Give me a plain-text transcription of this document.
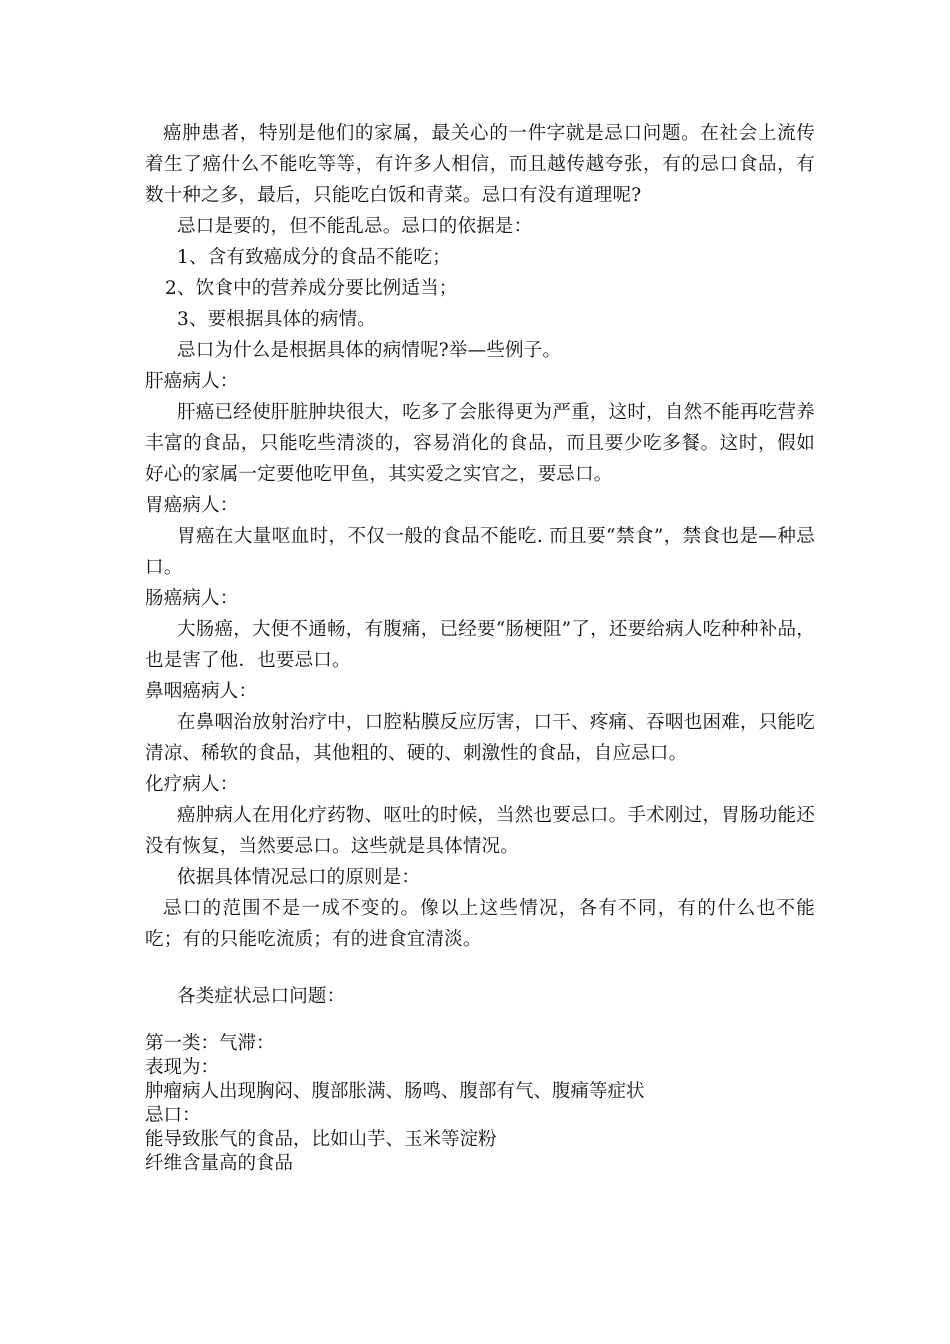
癌肿患者，特别是他们的家属，最关心的一件字就是忌口问题。在社会上流传着生了癌什么不能吃等等，有许多人相信，而且越传越夸张，有的忌口食品，有数十种之多，最后，只能吃白饭和青菜。忌口有没有道理呢?

忌口是要的，但不能乱忌。忌口的依据是：

1、含有致癌成分的食品不能吃；

2、饮食中的营养成分要比例适当；

3、要根据具体的病情。

忌口为什么是根据具体的病情呢?举—些例子。

肝癌病人：

肝癌已经使肝脏肿块很大，吃多了会胀得更为严重，这时，自然不能再吃营养丰富的食品，只能吃些清淡的，容易消化的食品，而且要少吃多餐。这时，假如好心的家属一定要他吃甲鱼，其实爱之实官之，要忌口。

胃癌病人：

胃癌在大量呕血时，不仅一般的食品不能吃. 而且要“禁食”，禁食也是—种忌口。

肠癌病人：

大肠癌，大便不通畅，有腹痛，已经要“肠梗阻”了，还要给病人吃种种补品，也是害了他．也要忌口。

鼻咽癌病人：

在鼻咽治放射治疗中，口腔粘膜反应厉害，口干、疼痛、吞咽也困难，只能吃清凉、稀软的食品，其他粗的、硬的、刺激性的食品，自应忌口。

化疗病人：

癌肿病人在用化疗药物、呕吐的时候，当然也要忌口。手术刚过，胃肠功能还没有恢复，当然要忌口。这些就是具体情况。

依据具体情况忌口的原则是：

忌口的范围不是一成不变的。像以上这些情况，各有不同，有的什么也不能吃；有的只能吃流质；有的进食宜清淡。

各类症状忌口问题：

第一类：气滞：

表现为：

肿瘤病人出现胸闷、腹部胀满、肠鸣、腹部有气、腹痛等症状

忌口：

能导致胀气的食品，比如山芋、玉米等淀粉

纤维含量高的食品
